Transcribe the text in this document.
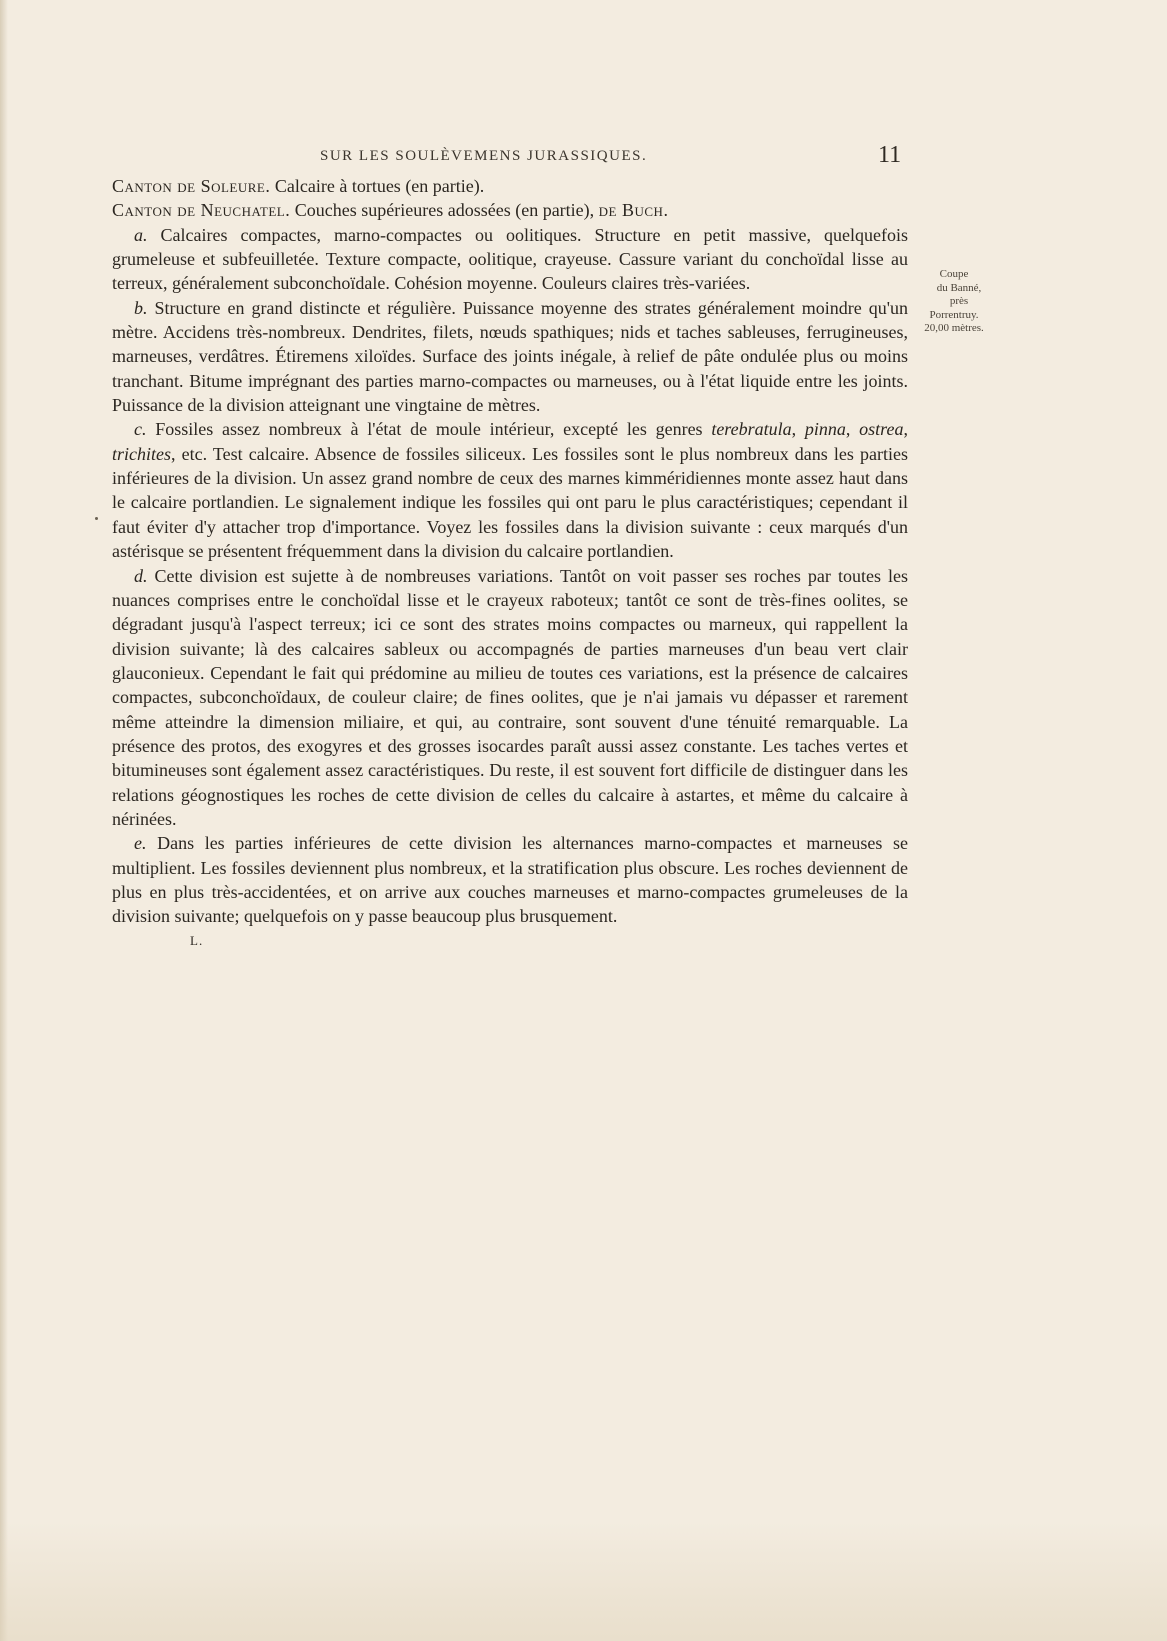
SUR LES SOULÈVEMENS JURASSIQUES.	11
Coupe
du Banné,
près
Porrentruy.
20,00 mètres.

Canton de Soleure. Calcaire à tortues (en partie).

Canton de Neuchatel. Couches supérieures adossées (en partie), de Buch.

a. Calcaires compactes, marno-compactes ou oolitiques. Structure en petit massive, quelquefois grumeleuse et subfeuilletée. Texture compacte, oolitique, crayeuse. Cassure variant du conchoïdal lisse au terreux, généralement subconchoïdale. Cohésion moyenne. Couleurs claires très-variées.

b. Structure en grand distincte et régulière. Puissance moyenne des strates généralement moindre qu'un mètre. Accidens très-nombreux. Dendrites, filets, nœuds spathiques; nids et taches sableuses, ferrugineuses, marneuses, verdâtres. Étiremens xiloïdes. Surface des joints inégale, à relief de pâte ondulée plus ou moins tranchant. Bitume imprégnant des parties marno-compactes ou marneuses, ou à l'état liquide entre les joints. Puissance de la division atteignant une vingtaine de mètres.

c. Fossiles assez nombreux à l'état de moule intérieur, excepté les genres terebratula, pinna, ostrea, trichites, etc. Test calcaire. Absence de fossiles siliceux. Les fossiles sont le plus nombreux dans les parties inférieures de la division. Un assez grand nombre de ceux des marnes kimméridiennes monte assez haut dans le calcaire portlandien. Le signalement indique les fossiles qui ont paru le plus caractéristiques; cependant il faut éviter d'y attacher trop d'importance. Voyez les fossiles dans la division suivante : ceux marqués d'un astérisque se présentent fréquemment dans la division du calcaire portlandien.

d. Cette division est sujette à de nombreuses variations. Tantôt on voit passer ses roches par toutes les nuances comprises entre le conchoïdal lisse et le crayeux raboteux; tantôt ce sont de très-fines oolites, se dégradant jusqu'à l'aspect terreux; ici ce sont des strates moins compactes ou marneux, qui rappellent la division suivante; là des calcaires sableux ou accompagnés de parties marneuses d'un beau vert clair glauconieux. Cependant le fait qui prédomine au milieu de toutes ces variations, est la présence de calcaires compactes, subconchoïdaux, de couleur claire; de fines oolites, que je n'ai jamais vu dépasser et rarement même atteindre la dimension miliaire, et qui, au contraire, sont souvent d'une ténuité remarquable. La présence des protos, des exogyres et des grosses isocardes paraît aussi assez constante. Les taches vertes et bitumineuses sont également assez caractéristiques. Du reste, il est souvent fort difficile de distinguer dans les relations géognostiques les roches de cette division de celles du calcaire à astartes, et même du calcaire à nérinées.

e. Dans les parties inférieures de cette division les alternances marno-compactes et marneuses se multiplient. Les fossiles deviennent plus nombreux, et la stratification plus obscure. Les roches deviennent de plus en plus très-accidentées, et on arrive aux couches marneuses et marno-compactes grumeleuses de la division suivante; quelquefois on y passe beaucoup plus brusquement.

L.
